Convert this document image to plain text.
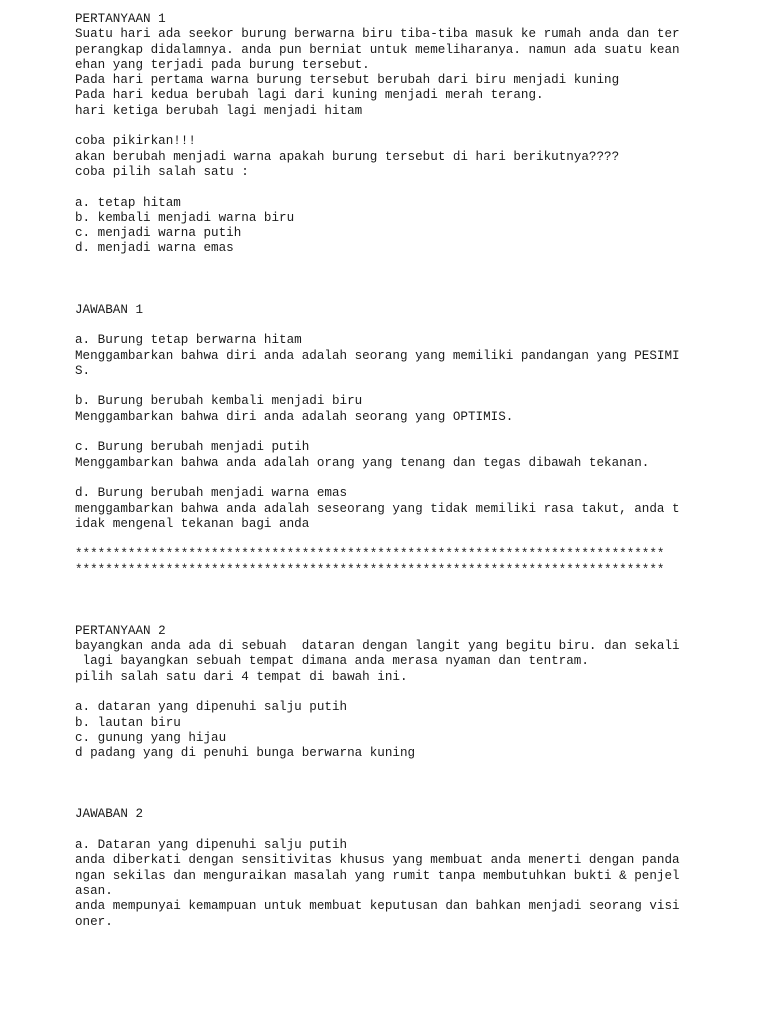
PERTANYAAN 1
Suatu hari ada seekor burung berwarna biru tiba-tiba masuk ke rumah anda dan ter
perangkap didalamnya. anda pun berniat untuk memeliharanya. namun ada suatu kean
ehan yang terjadi pada burung tersebut.
Pada hari pertama warna burung tersebut berubah dari biru menjadi kuning
Pada hari kedua berubah lagi dari kuning menjadi merah terang.
hari ketiga berubah lagi menjadi hitam
coba pikirkan!!!
akan berubah menjadi warna apakah burung tersebut di hari berikutnya????
coba pilih salah satu :
a. tetap hitam
b. kembali menjadi warna biru
c. menjadi warna putih
d. menjadi warna emas
JAWABAN 1
a. Burung tetap berwarna hitam
Menggambarkan bahwa diri anda adalah seorang yang memiliki pandangan yang PESIMI
S.
b. Burung berubah kembali menjadi biru
Menggambarkan bahwa diri anda adalah seorang yang OPTIMIS.
c. Burung berubah menjadi putih
Menggambarkan bahwa anda adalah orang yang tenang dan tegas dibawah tekanan.
d. Burung berubah menjadi warna emas
menggambarkan bahwa anda adalah seseorang yang tidak memiliki rasa takut, anda t
idak mengenal tekanan bagi anda
******************************************************************************
******************************************************************************
PERTANYAAN 2
bayangkan anda ada di sebuah  dataran dengan langit yang begitu biru. dan sekali
lagi bayangkan sebuah tempat dimana anda merasa nyaman dan tentram.
pilih salah satu dari 4 tempat di bawah ini.
a. dataran yang dipenuhi salju putih
b. lautan biru
c. gunung yang hijau
d padang yang di penuhi bunga berwarna kuning
JAWABAN 2
a. Dataran yang dipenuhi salju putih
anda diberkati dengan sensitivitas khusus yang membuat anda menerti dengan panda
ngan sekilas dan menguraikan masalah yang rumit tanpa membutuhkan bukti & penjel
asan.
anda mempunyai kemampuan untuk membuat keputusan dan bahkan menjadi seorang visi
oner.
